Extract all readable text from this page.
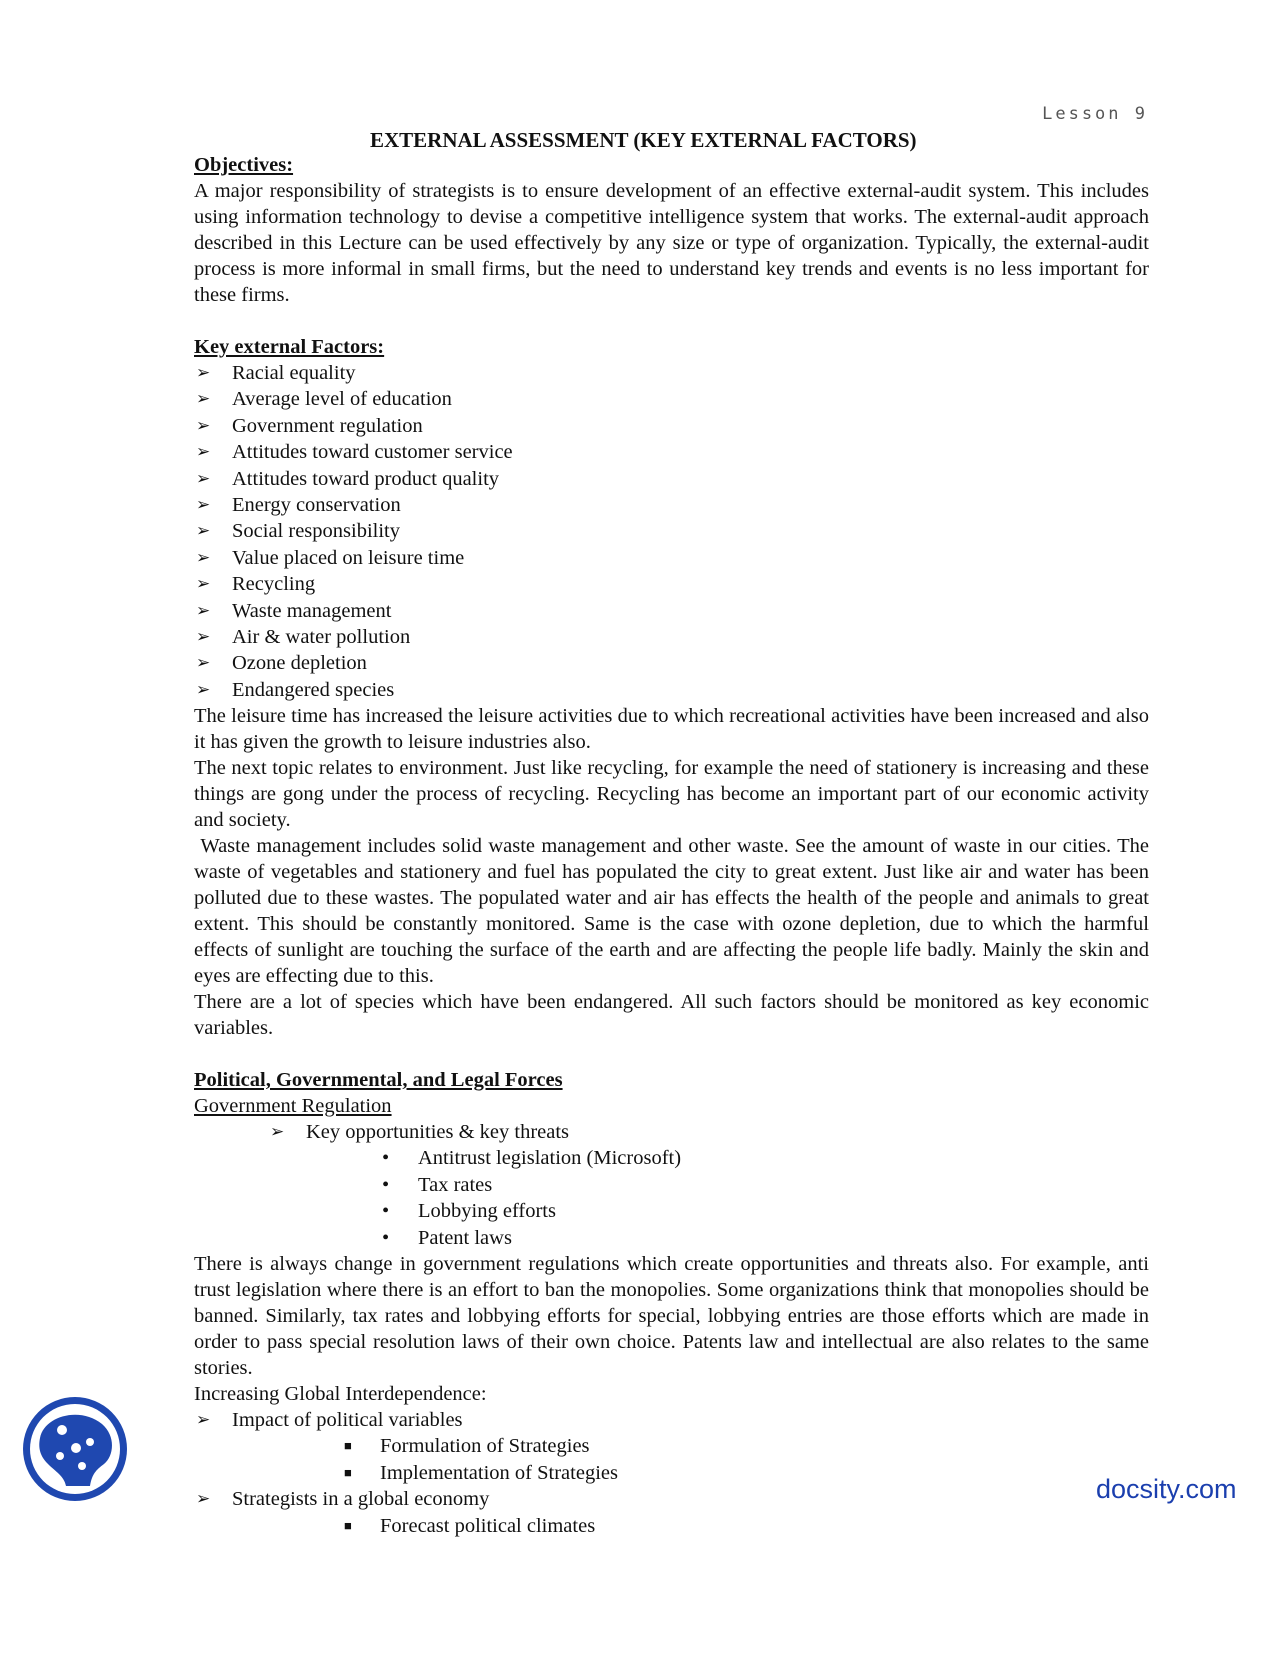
Lesson 9
EXTERNAL ASSESSMENT (KEY EXTERNAL FACTORS)

Objectives:

A major responsibility of strategists is to ensure development of an effective external-audit system. This includes using information technology to devise a competitive intelligence system that works. The external-audit approach described in this Lecture can be used effectively by any size or type of organization. Typically, the external-audit process is more informal in small firms, but the need to understand key trends and events is no less important for these firms.

Key external Factors:

➢ Racial equality
➢ Average level of education
➢ Government regulation
➢ Attitudes toward customer service
➢ Attitudes toward product quality
➢ Energy conservation
➢ Social responsibility
➢ Value placed on leisure time
➢ Recycling
➢ Waste management
➢ Air & water pollution
➢ Ozone depletion
➢ Endangered species

The leisure time has increased the leisure activities due to which recreational activities have been increased and also it has given the growth to leisure industries also.

The next topic relates to environment. Just like recycling, for example the need of stationery is increasing and these things are gong under the process of recycling. Recycling has become an important part of our economic activity and society.

Waste management includes solid waste management and other waste. See the amount of waste in our cities. The waste of vegetables and stationery and fuel has populated the city to great extent. Just like air and water has been polluted due to these wastes. The populated water and air has effects the health of the people and animals to great extent. This should be constantly monitored. Same is the case with ozone depletion, due to which the harmful effects of sunlight are touching the surface of the earth and are affecting the people life badly. Mainly the skin and eyes are effecting due to this.

There are a lot of species which have been endangered. All such factors should be monitored as key economic variables.

Political, Governmental, and Legal Forces

Government Regulation

➢ Key opportunities & key threats
• Antitrust legislation (Microsoft)
• Tax rates
• Lobbying efforts
• Patent laws

There is always change in government regulations which create opportunities and threats also. For example, anti trust legislation where there is an effort to ban the monopolies. Some organizations think that monopolies should be banned. Similarly, tax rates and lobbying efforts for special, lobbying entries are those efforts which are made in order to pass special resolution laws of their own choice. Patents law and intellectual are also relates to the same stories.

Increasing Global Interdependence:

➢ Impact of political variables
■ Formulation of Strategies
■ Implementation of Strategies
➢ Strategists in a global economy
■ Forecast political climates
docsity.com
